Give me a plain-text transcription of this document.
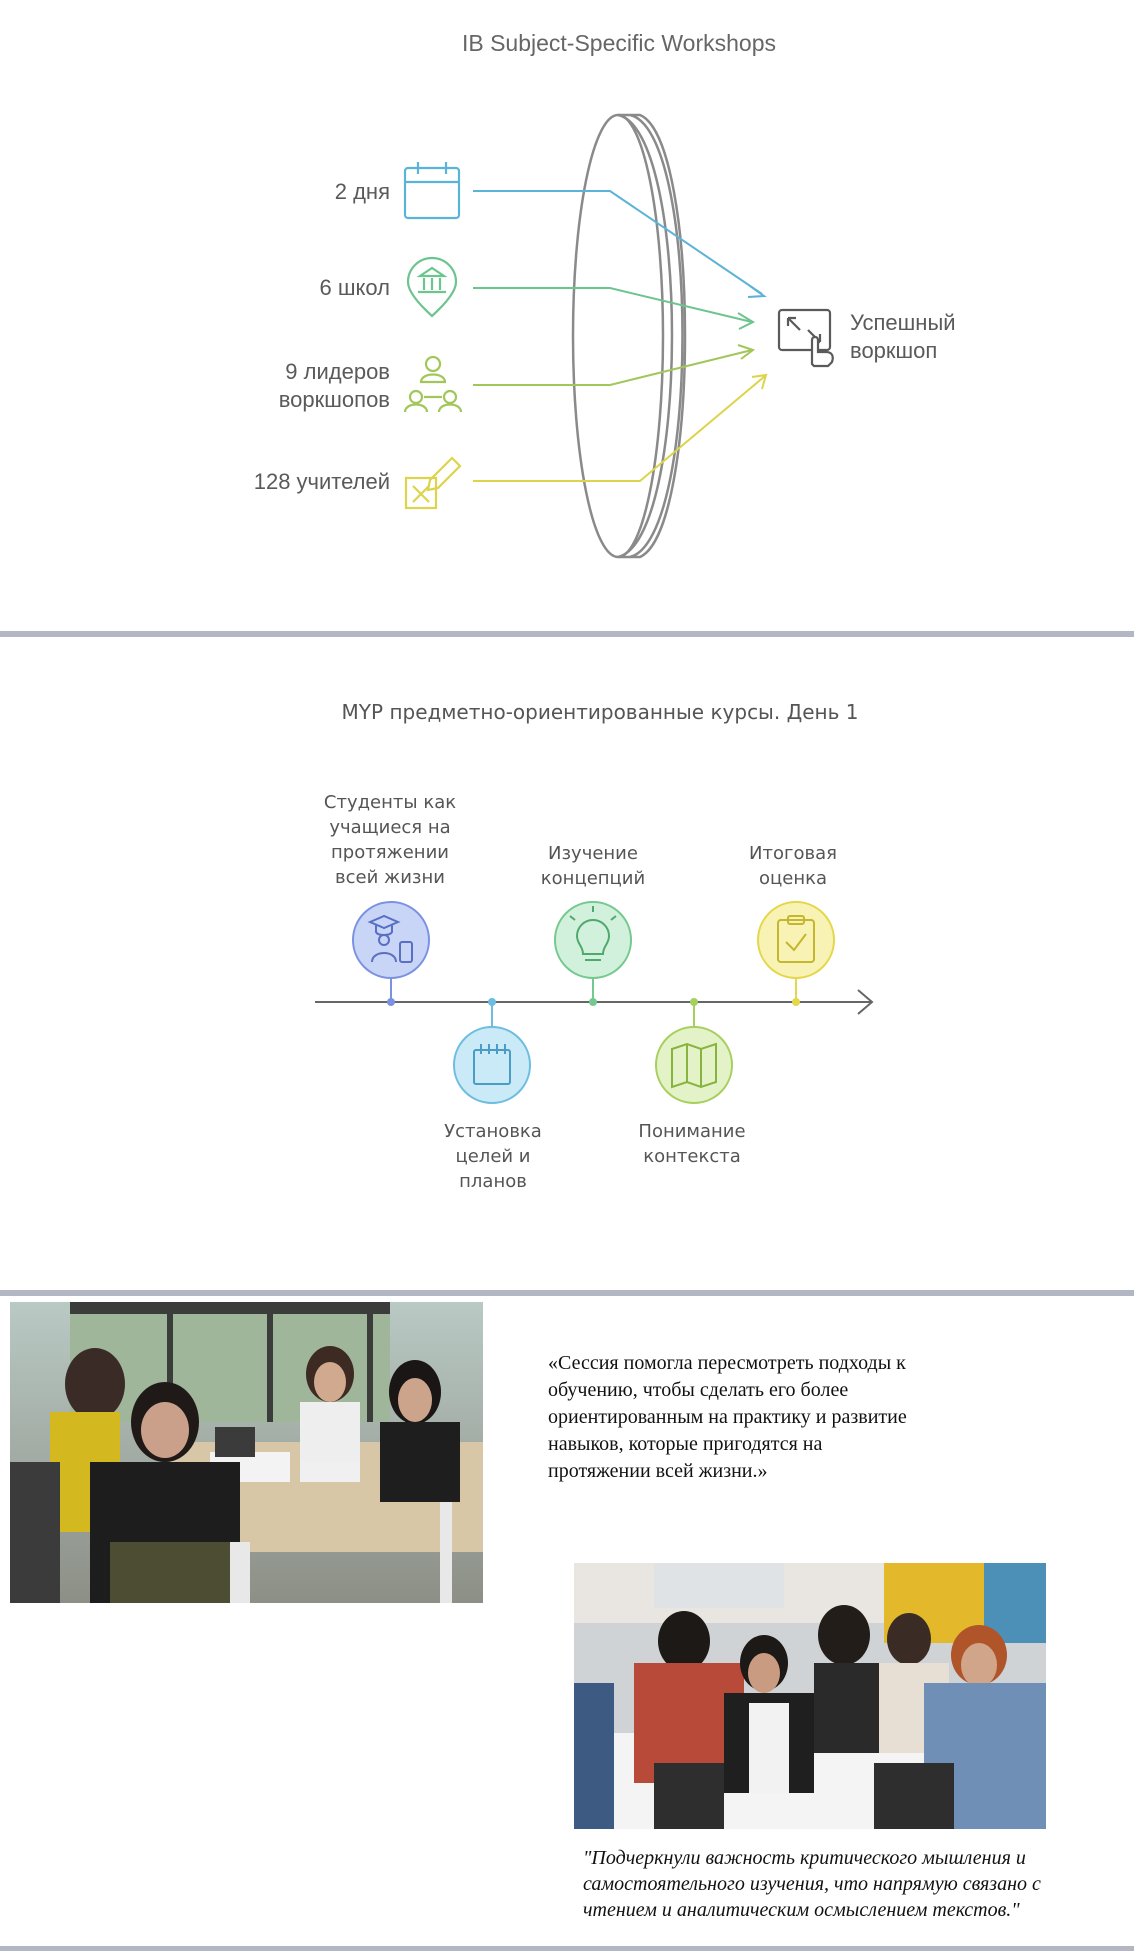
IB Subject-Specific Workshops
2 дня
6 школ
9 лидеров
воркшопов
128 учителей
Успешный
воркшоп
MYP предметно-ориентированные курсы. День 1
Студенты как
учащиеся на
протяжении
всей жизни
Установка
целей и
планов
Изучение
концепций
Понимание
контекста
Итоговая
оценка
«Сессия помогла пересмотреть подходы к обучению, чтобы сделать его более ориентированным на практику и развитие навыков, которые пригодятся на протяжении всей жизни.»
"Подчеркнули важность критического мышления и самостоятельного изучения, что напрямую связано с чтением и аналитическим осмыслением текстов."
